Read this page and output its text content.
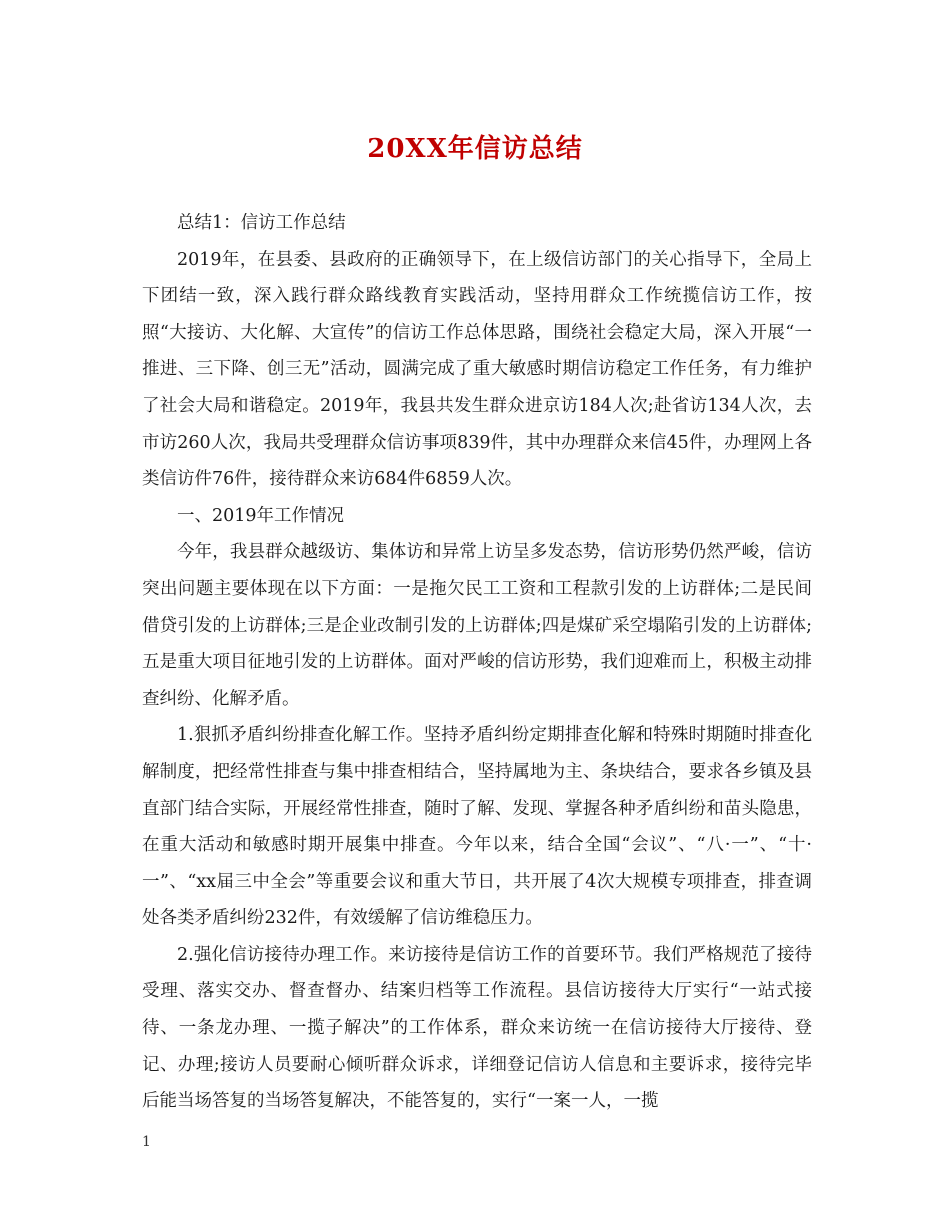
20XX年信访总结

总结1：信访工作总结

2019年，在县委、县政府的正确领导下，在上级信访部门的关心指导下，全局上下团结一致，深入践行群众路线教育实践活动，坚持用群众工作统揽信访工作，按照“大接访、大化解、大宣传”的信访工作总体思路，围绕社会稳定大局，深入开展“一推进、三下降、创三无”活动，圆满完成了重大敏感时期信访稳定工作任务，有力维护了社会大局和谐稳定。2019年，我县共发生群众进京访184人次;赴省访134人次，去市访260人次，我局共受理群众信访事项839件，其中办理群众来信45件，办理网上各类信访件76件，接待群众来访684件6859人次。

一、2019年工作情况

今年，我县群众越级访、集体访和异常上访呈多发态势，信访形势仍然严峻，信访突出问题主要体现在以下方面：一是拖欠民工工资和工程款引发的上访群体;二是民间借贷引发的上访群体;三是企业改制引发的上访群体;四是煤矿采空塌陷引发的上访群体;五是重大项目征地引发的上访群体。面对严峻的信访形势，我们迎难而上，积极主动排查纠纷、化解矛盾。

1.狠抓矛盾纠纷排查化解工作。坚持矛盾纠纷定期排查化解和特殊时期随时排查化解制度，把经常性排查与集中排查相结合，坚持属地为主、条块结合，要求各乡镇及县直部门结合实际，开展经常性排查，随时了解、发现、掌握各种矛盾纠纷和苗头隐患，在重大活动和敏感时期开展集中排查。今年以来，结合全国“会议”、“八·一”、“十·一”、“xx届三中全会”等重要会议和重大节日，共开展了4次大规模专项排查，排查调处各类矛盾纠纷232件，有效缓解了信访维稳压力。

2.强化信访接待办理工作。来访接待是信访工作的首要环节。我们严格规范了接待受理、落实交办、督查督办、结案归档等工作流程。县信访接待大厅实行“一站式接待、一条龙办理、一揽子解决”的工作体系，群众来访统一在信访接待大厅接待、登记、办理;接访人员要耐心倾听群众诉求，详细登记信访人信息和主要诉求，接待完毕后能当场答复的当场答复解决，不能答复的，实行“一案一人，一揽

1
